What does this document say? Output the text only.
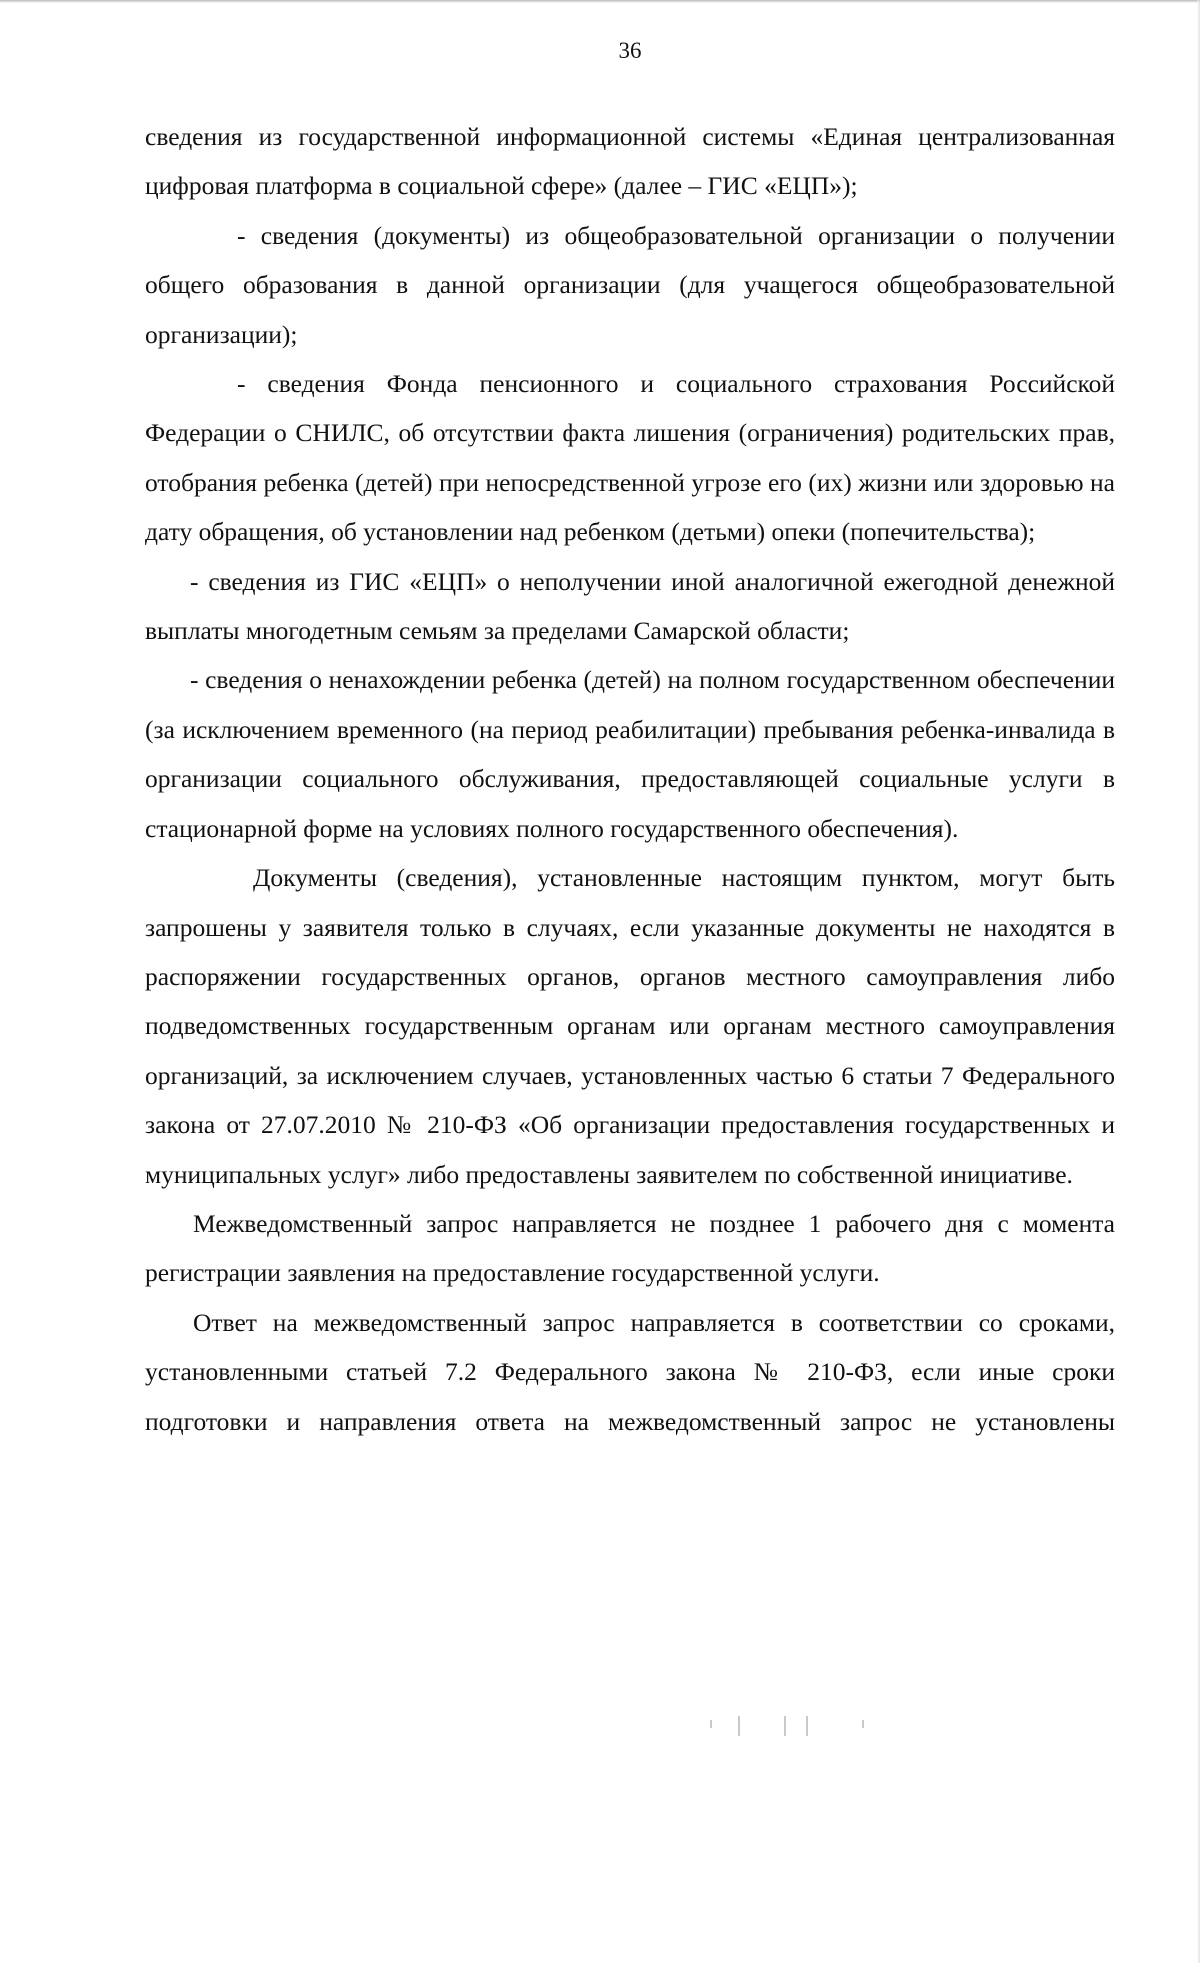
36

сведения из государственной информационной системы «Единая централизованная цифровая платформа в социальной сфере» (далее – ГИС «ЕЦП»);

- сведения (документы) из общеобразовательной организации о получении общего образования в данной организации (для учащегося общеобразовательной организации);

- сведения Фонда пенсионного и социального страхования Российской Федерации о СНИЛС, об отсутствии факта лишения (ограничения) родительских прав, отобрания ребенка (детей) при непосредственной угрозе его (их) жизни или здоровью на дату обращения, об установлении над ребенком (детьми) опеки (попечительства);

- сведения из ГИС «ЕЦП» о неполучении иной аналогичной ежегодной денежной выплаты многодетным семьям за пределами Самарской области;

- сведения о ненахождении ребенка (детей) на полном государственном обеспечении (за исключением временного (на период реабилитации) пребывания ребенка-инвалида в организации социального обслуживания, предоставляющей социальные услуги в стационарной форме на условиях полного государственного обеспечения).

Документы (сведения), установленные настоящим пунктом, могут быть запрошены у заявителя только в случаях, если указанные документы не находятся в распоряжении государственных органов, органов местного самоуправления либо подведомственных государственным органам или органам местного самоуправления организаций, за исключением случаев, установленных частью 6 статьи 7 Федерального закона от 27.07.2010 № 210-ФЗ «Об организации предоставления государственных и муниципальных услуг» либо предоставлены заявителем по собственной инициативе.

Межведомственный запрос направляется не позднее 1 рабочего дня с момента регистрации заявления на предоставление государственной услуги.

Ответ на межведомственный запрос направляется в соответствии со сроками, установленными статьей 7.2 Федерального закона № 210-ФЗ, если иные сроки подготовки и направления ответа на межведомственный запрос не установлены
